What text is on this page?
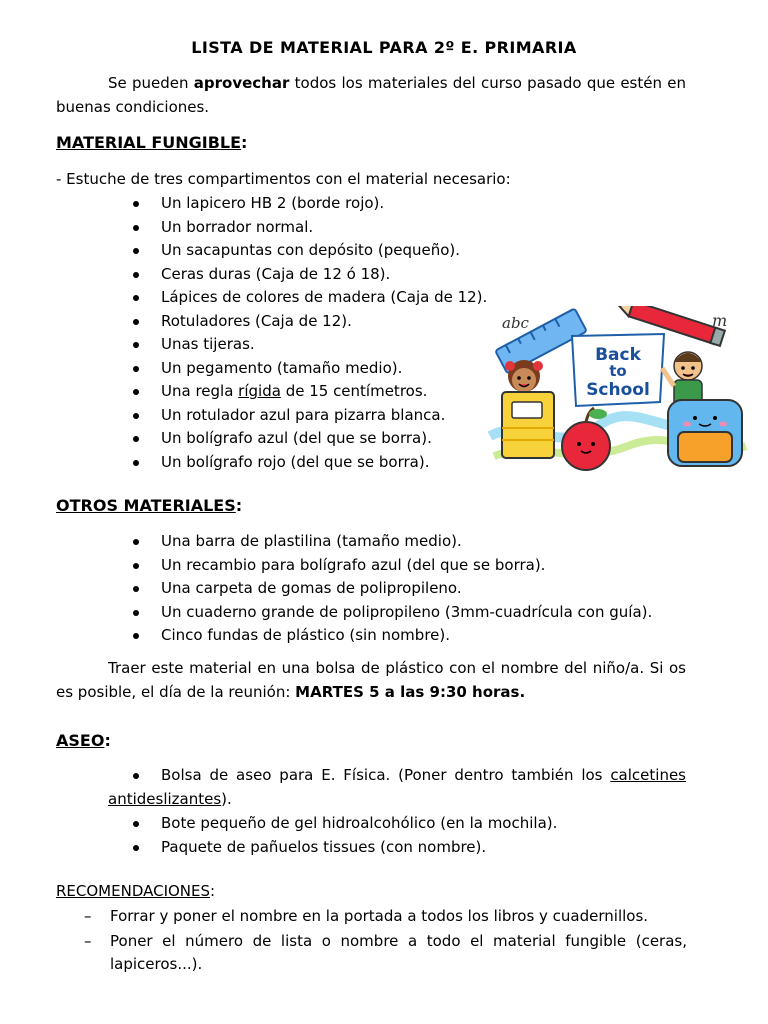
LISTA DE MATERIAL PARA 2º E. PRIMARIA

Se pueden aprovechar todos los materiales del curso pasado que estén en buenas condiciones.

MATERIAL FUNGIBLE:
- Estuche de tres compartimentos con el material necesario:
Un lapicero HB 2 (borde rojo).
Un borrador normal.
Un sacapuntas con depósito (pequeño).
Ceras duras (Caja de 12 ó 18).
Lápices de colores de madera (Caja de 12).
Rotuladores (Caja de 12).
Unas tijeras.
Un pegamento (tamaño medio).
Una regla rígida de 15 centímetros.
Un rotulador azul para pizarra blanca.
Un bolígrafo azul (del que se borra).
Un bolígrafo rojo (del que se borra).
abc
Back
to
School
m
OTROS MATERIALES:
Una barra de plastilina (tamaño medio).
Un recambio para bolígrafo azul (del que se borra).
Una carpeta de gomas de polipropileno.
Un cuaderno grande de polipropileno (3mm-cuadrícula con guía).
Cinco fundas de plástico (sin nombre).

Traer este material en una bolsa de plástico con el nombre del niño/a. Si os es posible, el día de la reunión: MARTES 5 a las 9:30 horas.

ASEO:
Bolsa de aseo para E. Física. (Poner dentro también los calcetines antideslizantes).
Bote pequeño de gel hidroalcohólico (en la mochila).
Paquete de pañuelos tissues (con nombre).
RECOMENDACIONES:
– Forrar y poner el nombre en la portada a todos los libros y cuadernillos.
– Poner el número de lista o nombre a todo el material fungible (ceras, lapiceros...).
